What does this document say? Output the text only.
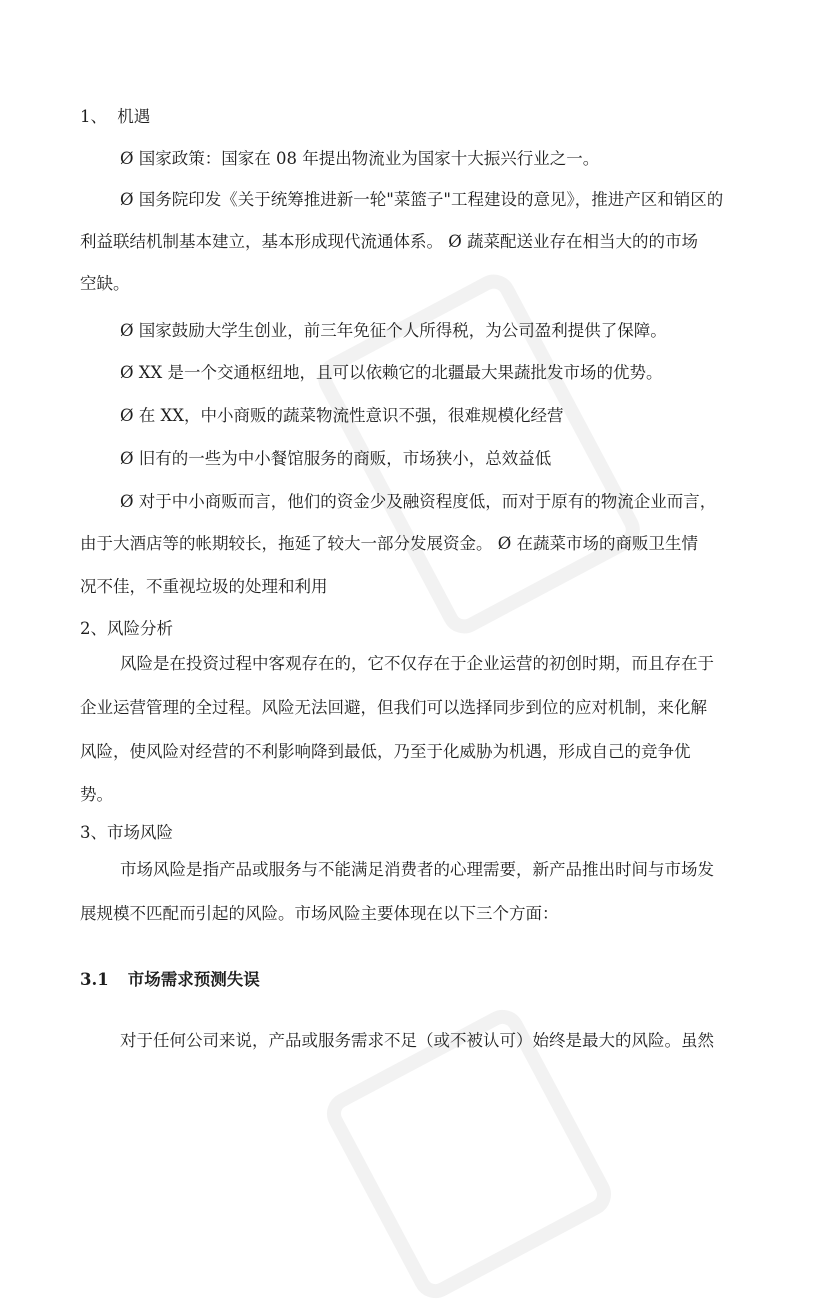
1、 机遇

Ø 国家政策：国家在 08 年提出物流业为国家十大振兴行业之一。

Ø 国务院印发《关于统筹推进新一轮"菜篮子"工程建设的意见》，推进产区和销区的

利益联结机制基本建立，基本形成现代流通体系。 Ø 蔬菜配送业存在相当大的的市场

空缺。

Ø 国家鼓励大学生创业，前三年免征个人所得税，为公司盈利提供了保障。

Ø XX 是一个交通枢纽地，且可以依赖它的北疆最大果蔬批发市场的优势。

Ø 在 XX，中小商贩的蔬菜物流性意识不强，很难规模化经营

Ø 旧有的一些为中小餐馆服务的商贩，市场狭小，总效益低

Ø 对于中小商贩而言，他们的资金少及融资程度低，而对于原有的物流企业而言，

由于大酒店等的帐期较长，拖延了较大一部分发展资金。 Ø 在蔬菜市场的商贩卫生情

况不佳，不重视垃圾的处理和利用

2、风险分析

风险是在投资过程中客观存在的，它不仅存在于企业运营的初创时期，而且存在于

企业运营管理的全过程。风险无法回避，但我们可以选择同步到位的应对机制，来化解

风险，使风险对经营的不利影响降到最低，乃至于化威胁为机遇，形成自己的竞争优

势。

3、市场风险

市场风险是指产品或服务与不能满足消费者的心理需要，新产品推出时间与市场发

展规模不匹配而引起的风险。市场风险主要体现在以下三个方面：

3.1 市场需求预测失误

对于任何公司来说，产品或服务需求不足（或不被认可）始终是最大的风险。虽然
